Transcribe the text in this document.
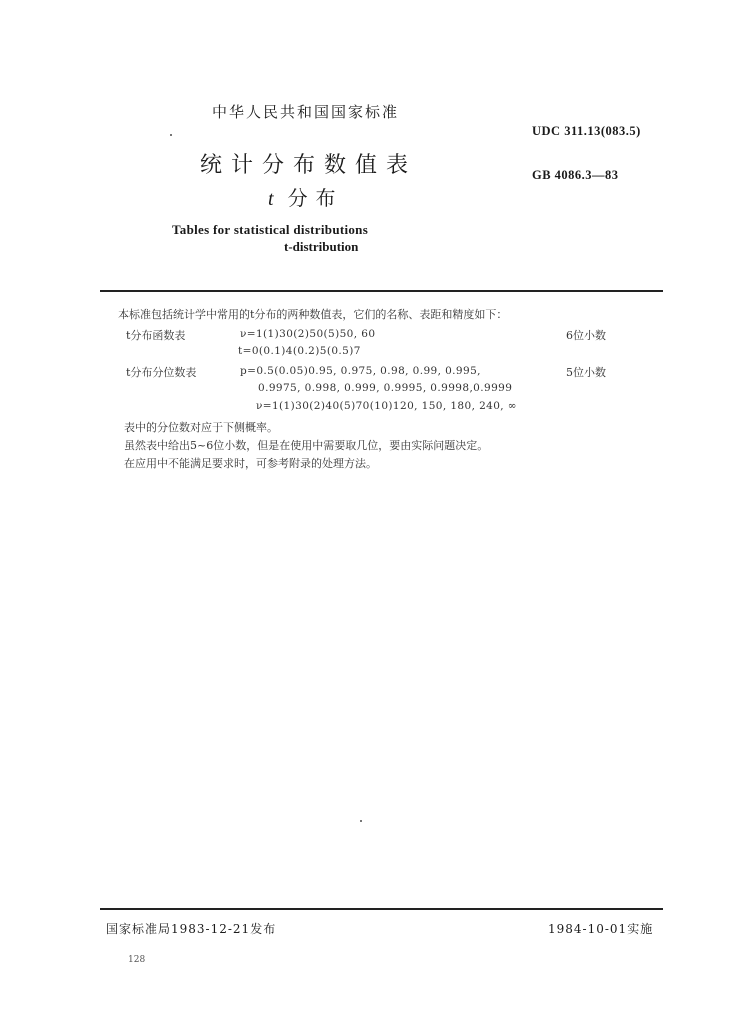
中华人民共和国国家标准
UDC 311.13(083.5)
GB 4086.3—83
统计分布数值表
t 分布
Tables for statistical distributions
t-distribution
本标准包括统计学中常用的t分布的两种数值表，它们的名称、表距和精度如下：
t分布函数表	ν=1(1)30(2)50(5)50, 60	6位小数
t=0(0.1)4(0.2)5(0.5)7
t分布分位数表	p=0.5(0.05)0.95, 0.975, 0.98, 0.99, 0.995,	5位小数
0.9975, 0.998, 0.999, 0.9995, 0.9998,0.9999
ν=1(1)30(2)40(5)70(10)120, 150, 180, 240, ∞
表中的分位数对应于下侧概率。
虽然表中给出5~6位小数，但是在使用中需要取几位，要由实际问题决定。
在应用中不能满足要求时，可参考附录的处理方法。
国家标准局1983-12-21发布	1984-10-01实施
128
